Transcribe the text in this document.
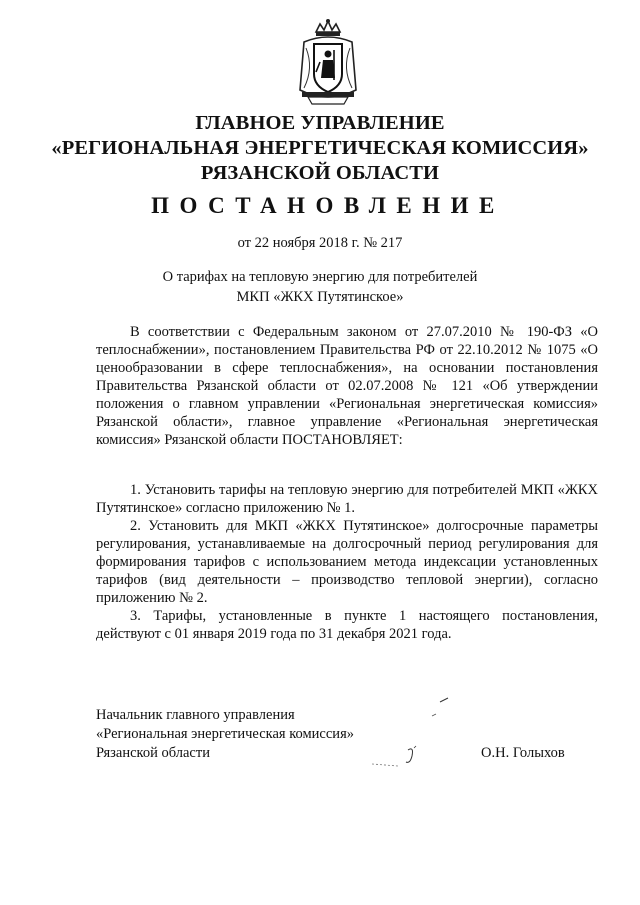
ГЛАВНОЕ УПРАВЛЕНИЕ
«РЕГИОНАЛЬНАЯ ЭНЕРГЕТИЧЕСКАЯ КОМИССИЯ»
РЯЗАНСКОЙ ОБЛАСТИ
ПОСТАНОВЛЕНИЕ
от 22 ноября 2018 г. № 217
О тарифах на тепловую энергию для потребителей
МКП «ЖКХ Путятинское»
В соответствии с Федеральным законом от 27.07.2010 № 190-ФЗ «О теплоснабжении», постановлением Правительства РФ от 22.10.2012 № 1075 «О ценообразовании в сфере теплоснабжения», на основании постановления Правительства Рязанской области от 02.07.2008 № 121 «Об утверждении положения о главном управлении «Региональная энергетическая комиссия» Рязанской области», главное управление «Региональная энергетическая комиссия» Рязанской области ПОСТАНОВЛЯЕТ:

1. Установить тарифы на тепловую энергию для потребителей МКП «ЖКХ Путятинское» согласно приложению № 1.

2. Установить для МКП «ЖКХ Путятинское» долгосрочные параметры регулирования, устанавливаемые на долгосрочный период регулирования для формирования тарифов с использованием метода индексации установленных тарифов (вид деятельности – производство тепловой энергии), согласно приложению № 2.

3. Тарифы, установленные в пункте 1 настоящего постановления, действуют с 01 января 2019 года по 31 декабря 2021 года.

Начальник главного управления
«Региональная энергетическая комиссия»
Рязанской области	О.Н. Голыхов
